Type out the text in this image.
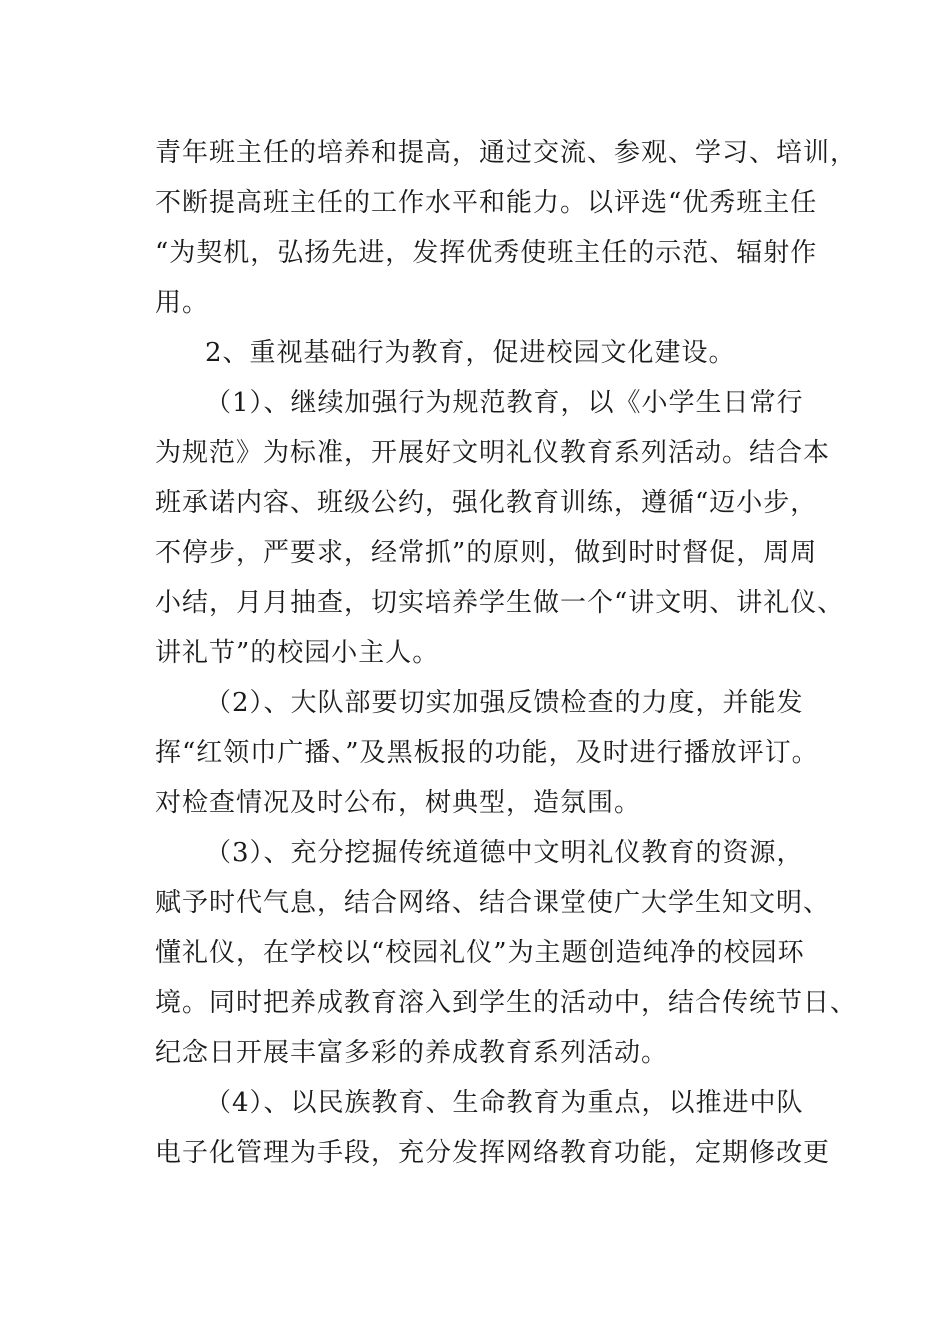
青年班主任的培养和提高，通过交流、参观、学习、培训，
不断提高班主任的工作水平和能力。以评选“优秀班主任
“为契机，弘扬先进，发挥优秀使班主任的示范、辐射作
用。
2、重视基础行为教育，促进校园文化建设。
（1）、继续加强行为规范教育，以《小学生日常行
为规范》为标准，开展好文明礼仪教育系列活动。结合本
班承诺内容、班级公约，强化教育训练，遵循“迈小步，
不停步，严要求，经常抓”的原则，做到时时督促，周周
小结，月月抽查，切实培养学生做一个“讲文明、讲礼仪、
讲礼节”的校园小主人。
（2）、大队部要切实加强反馈检查的力度，并能发
挥“红领巾广播、”及黑板报的功能，及时进行播放评订。
对检查情况及时公布，树典型，造氛围。
（3）、充分挖掘传统道德中文明礼仪教育的资源，
赋予时代气息，结合网络、结合课堂使广大学生知文明、
懂礼仪，在学校以“校园礼仪”为主题创造纯净的校园环
境。同时把养成教育溶入到学生的活动中，结合传统节日、
纪念日开展丰富多彩的养成教育系列活动。
（4）、以民族教育、生命教育为重点，以推进中队
电子化管理为手段，充分发挥网络教育功能，定期修改更
